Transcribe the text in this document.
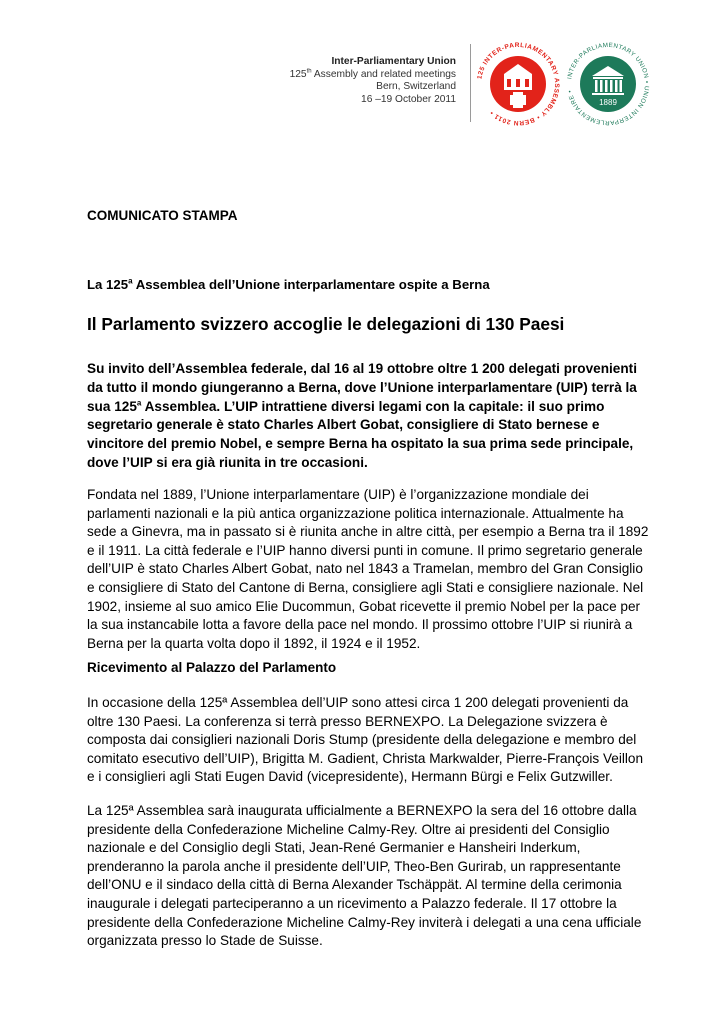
Inter-Parliamentary Union
125th Assembly and related meetings
Bern, Switzerland
16 –19 October 2011
125 INTER-PARLIAMENTARY ASSEMBLY • BERN 2011 •
1889
INTER-PARLIAMENTARY UNION • UNION INTERPARLEMENTAIRE •
COMUNICATO STAMPA
La 125$^a$ Assemblea dell’Unione interparlamentare ospite a Berna
Il Parlamento svizzero accoglie le delegazioni di 130 Paesi
Su invito dell’Assemblea federale, dal 16 al 19 ottobre oltre 1 200 delegati provenienti da tutto il mondo giungeranno a Berna, dove l’Unione interparlamentare (UIP) terrà la sua 125$^a$ Assemblea. L’UIP intrattiene diversi legami con la capitale: il suo primo segretario generale è stato Charles Albert Gobat, consigliere di Stato bernese e vincitore del premio Nobel, e sempre Berna ha ospitato la sua prima sede principale, dove l’UIP si era già riunita in tre occasioni.
Fondata nel 1889, l’Unione interparlamentare (UIP) è l’organizzazione mondiale dei parlamenti nazionali e la più antica organizzazione politica internazionale. Attualmente ha sede a Ginevra, ma in passato si è riunita anche in altre città, per esempio a Berna tra il 1892 e il 1911. La città federale e l’UIP hanno diversi punti in comune. Il primo segretario generale dell’UIP è stato Charles Albert Gobat, nato nel 1843 a Tramelan, membro del Gran Consiglio e consigliere di Stato del Cantone di Berna, consigliere agli Stati e consigliere nazionale. Nel 1902, insieme al suo amico Elie Ducommun, Gobat ricevette il premio Nobel per la pace per la sua instancabile lotta a favore della pace nel mondo. Il prossimo ottobre l’UIP si riunirà a Berna per la quarta volta dopo il 1892, il 1924 e il 1952.
Ricevimento al Palazzo del Parlamento
In occasione della 125ª Assemblea dell’UIP sono attesi circa 1 200 delegati provenienti da oltre 130 Paesi. La conferenza si terrà presso BERNEXPO. La Delegazione svizzera è composta dai consiglieri nazionali Doris Stump (presidente della delegazione e membro del comitato esecutivo dell’UIP), Brigitta M. Gadient, Christa Markwalder, Pierre-François Veillon e i consiglieri agli Stati Eugen David (vicepresidente), Hermann Bürgi e Felix Gutzwiller.
La 125ª Assemblea sarà inaugurata ufficialmente a BERNEXPO la sera del 16 ottobre dalla presidente della Confederazione Micheline Calmy-Rey. Oltre ai presidenti del Consiglio nazionale e del Consiglio degli Stati, Jean-René Germanier e Hansheiri Inderkum, prenderanno la parola anche il presidente dell’UIP, Theo-Ben Gurirab, un rappresentante dell’ONU e il sindaco della città di Berna Alexander Tschäppät. Al termine della cerimonia inaugurale i delegati parteciperanno a un ricevimento a Palazzo federale. Il 17 ottobre la presidente della Confederazione Micheline Calmy-Rey inviterà i delegati a una cena ufficiale organizzata presso lo Stade de Suisse.
